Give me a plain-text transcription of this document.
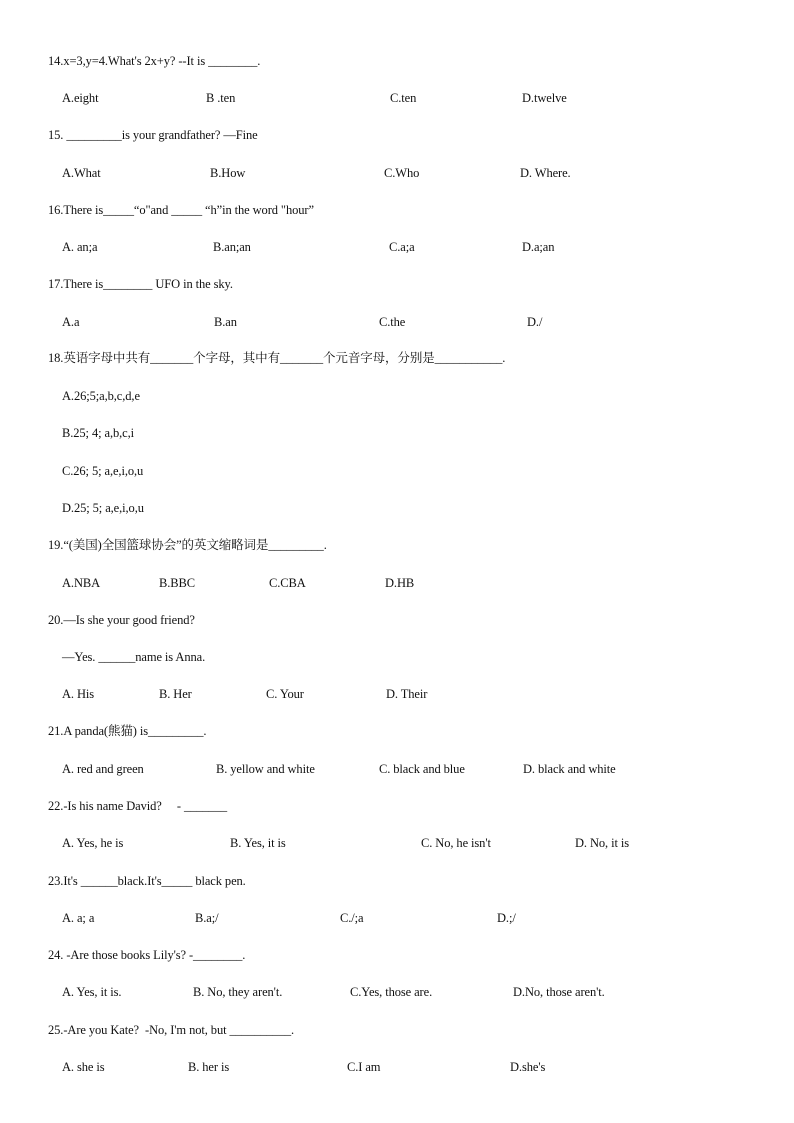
14.x=3,y=4.What's 2x+y? --It is ________.
A.eight	B .ten	C.ten	D.twelve
15. _________is your grandfather? —Fine
A.What	B.How	C.Who	D. Where.
16.There is_____“o"and _____ “h”in the word "hour”
A. an;a	B.an;an	C.a;a	D.a;an
17.There is________ UFO in the sky.
A.a	B.an	C.the	D./
18.英语字母中共有_______个字母，其中有_______个元音字母，分别是___________.
A.26;5;a,b,c,d,e
B.25; 4; a,b,c,i
C.26; 5; a,e,i,o,u
D.25; 5; a,e,i,o,u
19.“(美国)全国篮球协会”的英文缩略词是_________.
A.NBA	B.BBC	C.CBA	D.HB
20.—Is she your good friend?
—Yes. ______name is Anna.
A. His	B. Her	C. Your	D. Their
21.A panda(熊猫) is_________.
A. red and green	B. yellow and white	C. black and blue	D. black and white
22.-Is his name David?     - _______
A. Yes, he is	B. Yes, it is	C. No, he isn't	D. No, it is
23.It's ______black.It's_____ black pen.
A. a; a	B.a;/	C./;a	D.;/
24. -Are those books Lily's? -________.
A. Yes, it is.	B. No, they aren't.	C.Yes, those are.	D.No, those aren't.
25.-Are you Kate?  -No, I'm not, but __________.
A. she is	B. her is	C.I am	D.she's
